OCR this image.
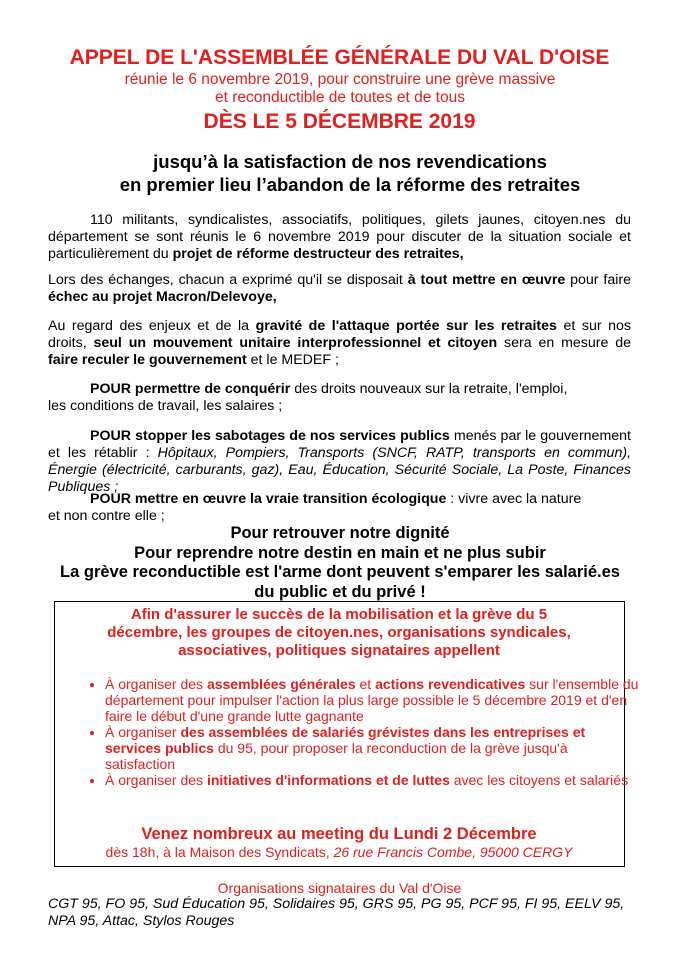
APPEL DE L'ASSEMBLÉE GÉNÉRALE DU VAL D'OISE
réunie le 6 novembre 2019, pour construire une grève massive et reconductible de toutes et de tous
DÈS LE 5 DÉCEMBRE 2019
jusqu’à la satisfaction de nos revendications
en premier lieu l’abandon de la réforme des retraites
110 militants, syndicalistes, associatifs, politiques, gilets jaunes, citoyen.nes du département se sont réunis le 6 novembre 2019 pour discuter de la situation sociale et particulièrement du projet de réforme destructeur des retraites,
Lors des échanges, chacun a exprimé qu'il se disposait à tout mettre en œuvre pour faire échec au projet Macron/Delevoye,
Au regard des enjeux et de la gravité de l'attaque portée sur les retraites et sur nos droits, seul un mouvement unitaire interprofessionnel et citoyen sera en mesure de faire reculer le gouvernement et le MEDEF ;
POUR permettre de conquérir des droits nouveaux sur la retraite, l'emploi,
les conditions de travail, les salaires ;
POUR stopper les sabotages de nos services publics menés par le gouvernement et les rétablir : Hôpitaux, Pompiers, Transports (SNCF, RATP, transports en commun), Énergie (électricité, carburants, gaz), Eau, Éducation, Sécurité Sociale, La Poste, Finances Publiques ;
POUR mettre en œuvre la vraie transition écologique : vivre avec la nature
et non contre elle ;
Pour retrouver notre dignité
Pour reprendre notre destin en main et ne plus subir
La grève reconductible est l'arme dont peuvent s'emparer les salarié.es du public et du privé !
Afin d'assurer le succès de la mobilisation et la grève du 5 décembre, les groupes de citoyen.nes, organisations syndicales, associatives, politiques signataires appellent
• À organiser des assemblées générales et actions revendicatives sur l'ensemble du département pour impulser l'action la plus large possible le 5 décembre 2019 et d'en faire le début d'une grande lutte gagnante
• À organiser des assemblées de salariés grévistes dans les entreprises et services publics du 95, pour proposer la reconduction de la grève jusqu'à satisfaction
• À organiser des initiatives d'informations et de luttes avec les citoyens et salariés
Venez nombreux au meeting du Lundi 2 Décembre
dès 18h, à la Maison des Syndicats, 26 rue Francis Combe, 95000 CERGY
Organisations signataires du Val d'Oise
CGT 95, FO 95, Sud Éducation 95, Solidaires 95, GRS 95, PG 95, PCF 95, FI 95, EELV 95, NPA 95, Attac, Stylos Rouges
